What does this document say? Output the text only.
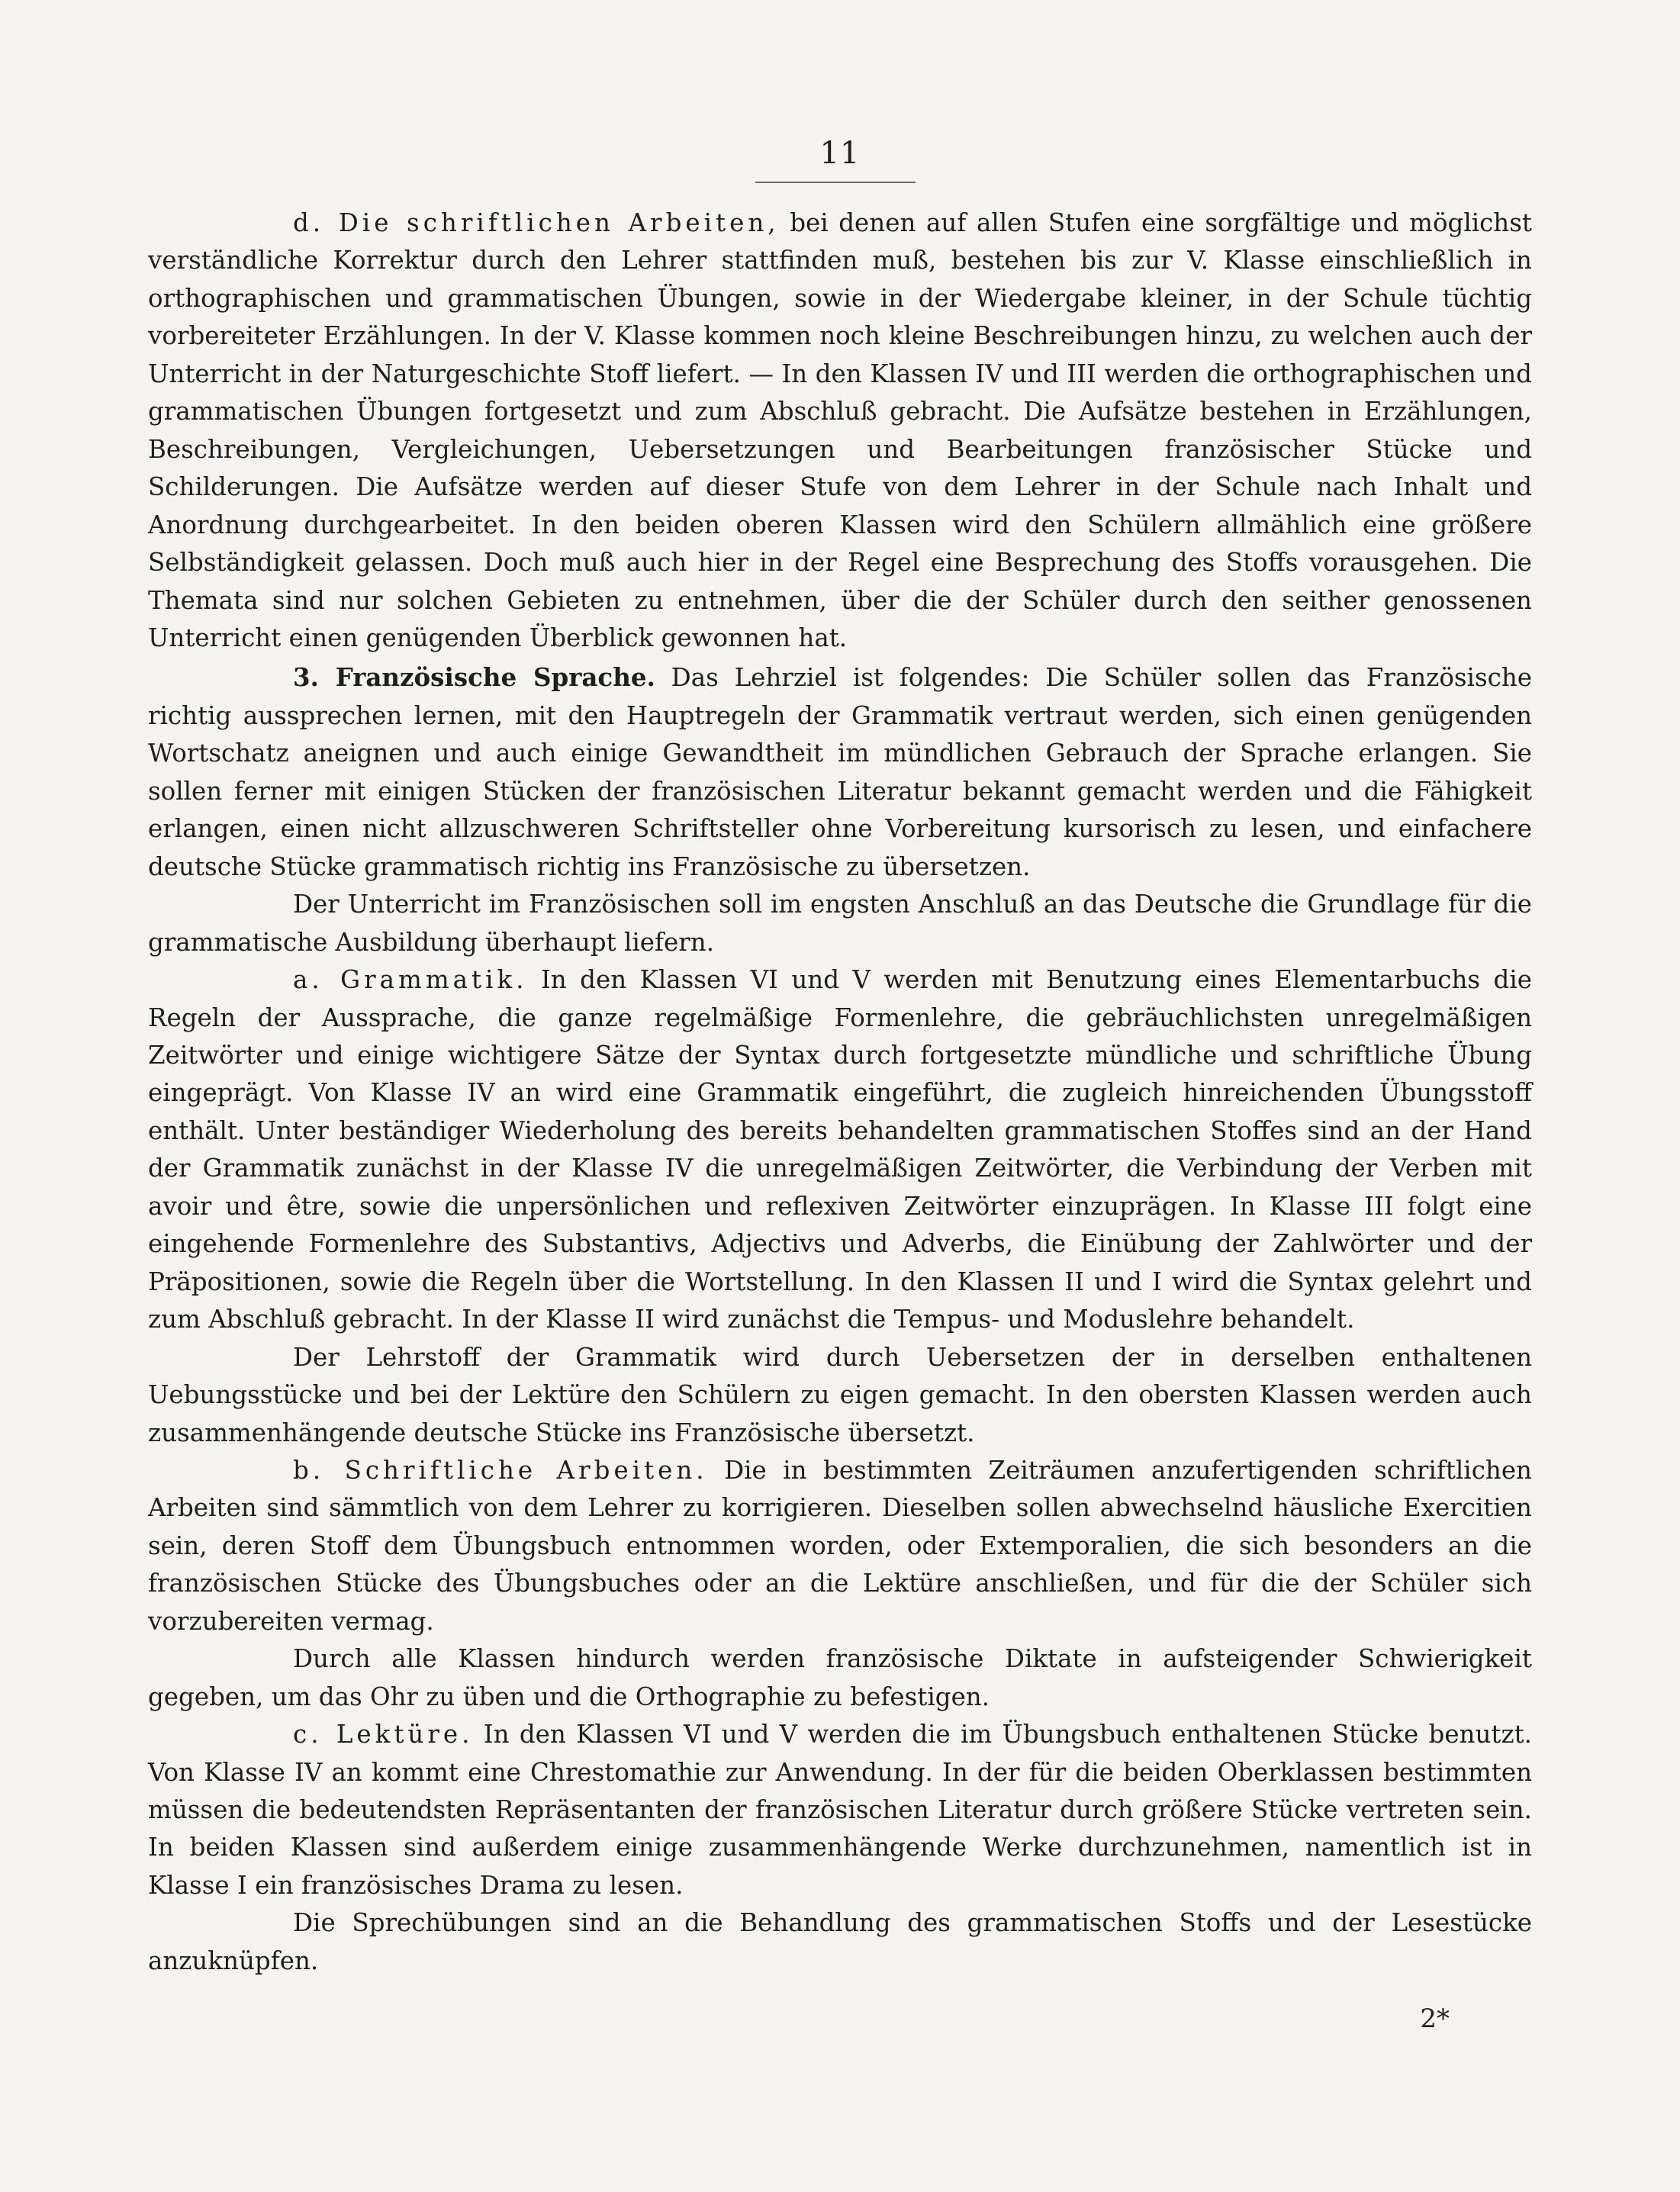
11

d. Die schriftlichen Arbeiten, bei denen auf allen Stufen eine sorgfältige und möglichst verständliche Korrektur durch den Lehrer stattfinden muß, bestehen bis zur V. Klasse einschließlich in orthographischen und grammatischen Übungen, sowie in der Wiedergabe kleiner, in der Schule tüchtig vorbereiteter Erzählungen. In der V. Klasse kommen noch kleine Beschreibungen hinzu, zu welchen auch der Unterricht in der Naturgeschichte Stoff liefert. — In den Klassen IV und III werden die orthographischen und grammatischen Übungen fortgesetzt und zum Abschluß gebracht. Die Aufsätze bestehen in Erzählungen, Beschreibungen, Vergleichungen, Uebersetzungen und Bearbeitungen französischer Stücke und Schilderungen. Die Aufsätze werden auf dieser Stufe von dem Lehrer in der Schule nach Inhalt und Anordnung durchgearbeitet. In den beiden oberen Klassen wird den Schülern allmählich eine größere Selbständigkeit gelassen. Doch muß auch hier in der Regel eine Besprechung des Stoffs vorausgehen. Die Themata sind nur solchen Gebieten zu entnehmen, über die der Schüler durch den seither genossenen Unterricht einen genügenden Überblick gewonnen hat.

3. Französische Sprache. Das Lehrziel ist folgendes: Die Schüler sollen das Französische richtig aussprechen lernen, mit den Hauptregeln der Grammatik vertraut werden, sich einen genügenden Wortschatz aneignen und auch einige Gewandtheit im mündlichen Gebrauch der Sprache erlangen. Sie sollen ferner mit einigen Stücken der französischen Literatur bekannt gemacht werden und die Fähigkeit erlangen, einen nicht allzuschweren Schriftsteller ohne Vorbereitung kursorisch zu lesen, und einfachere deutsche Stücke grammatisch richtig ins Französische zu übersetzen.

Der Unterricht im Französischen soll im engsten Anschluß an das Deutsche die Grundlage für die grammatische Ausbildung überhaupt liefern.

a. Grammatik. In den Klassen VI und V werden mit Benutzung eines Elementarbuchs die Regeln der Aussprache, die ganze regelmäßige Formenlehre, die gebräuchlichsten unregelmäßigen Zeitwörter und einige wichtigere Sätze der Syntax durch fortgesetzte mündliche und schriftliche Übung eingeprägt. Von Klasse IV an wird eine Grammatik eingeführt, die zugleich hinreichenden Übungsstoff enthält. Unter beständiger Wiederholung des bereits behandelten grammatischen Stoffes sind an der Hand der Grammatik zunächst in der Klasse IV die unregelmäßigen Zeitwörter, die Verbindung der Verben mit avoir und être, sowie die unpersönlichen und reflexiven Zeitwörter einzuprägen. In Klasse III folgt eine eingehende Formenlehre des Substantivs, Adjectivs und Adverbs, die Einübung der Zahlwörter und der Präpositionen, sowie die Regeln über die Wortstellung. In den Klassen II und I wird die Syntax gelehrt und zum Abschluß gebracht. In der Klasse II wird zunächst die Tempus- und Moduslehre behandelt.

Der Lehrstoff der Grammatik wird durch Uebersetzen der in derselben enthaltenen Uebungsstücke und bei der Lektüre den Schülern zu eigen gemacht. In den obersten Klassen werden auch zusammenhängende deutsche Stücke ins Französische übersetzt.

b. Schriftliche Arbeiten. Die in bestimmten Zeiträumen anzufertigenden schriftlichen Arbeiten sind sämmtlich von dem Lehrer zu korrigieren. Dieselben sollen abwechselnd häusliche Exercitien sein, deren Stoff dem Übungsbuch entnommen worden, oder Extemporalien, die sich besonders an die französischen Stücke des Übungsbuches oder an die Lektüre anschließen, und für die der Schüler sich vorzubereiten vermag.

Durch alle Klassen hindurch werden französische Diktate in aufsteigender Schwierigkeit gegeben, um das Ohr zu üben und die Orthographie zu befestigen.

c. Lektüre. In den Klassen VI und V werden die im Übungsbuch enthaltenen Stücke benutzt. Von Klasse IV an kommt eine Chrestomathie zur Anwendung. In der für die beiden Oberklassen bestimmten müssen die bedeutendsten Repräsentanten der französischen Literatur durch größere Stücke vertreten sein. In beiden Klassen sind außerdem einige zusammenhängende Werke durchzunehmen, namentlich ist in Klasse I ein französisches Drama zu lesen.

Die Sprechübungen sind an die Behandlung des grammatischen Stoffs und der Lesestücke anzuknüpfen.

2*
